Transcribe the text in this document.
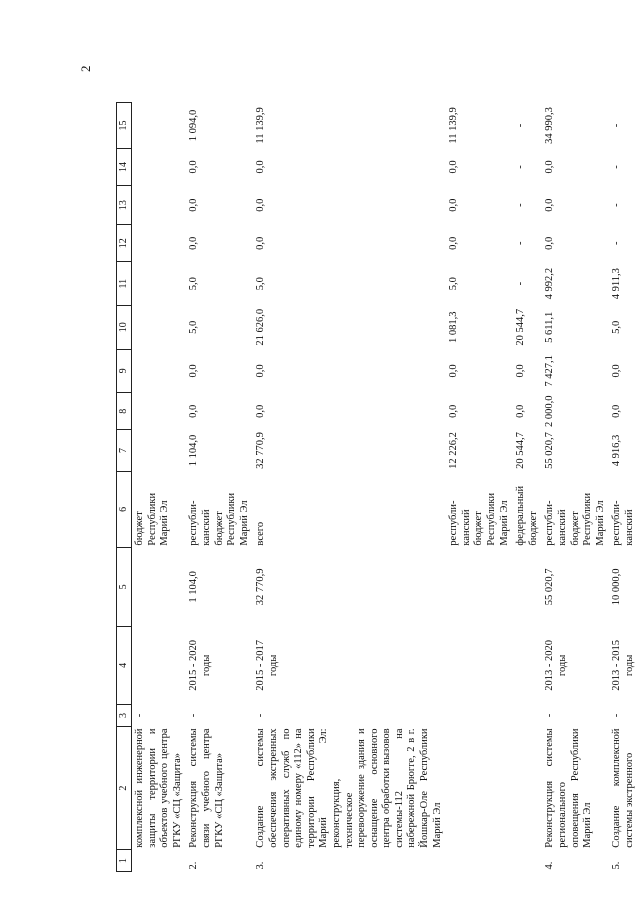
2
1	2	3	4	5	6	7	8	9	10	11	12	13	14	15
	комплексной инженерной защиты территории и объектов учебного центра РГКУ «СЦ «Защита»	-			бюджет Республики Марий Эл									
2.	Реконструкция системы связи учебного центра РГКУ «СЦ «Защита»	-	2015 - 2020 годы	1 104,0	республи-канский бюджет Республики Марий Эл	1 104,0	0,0	0,0	5,0	5,0	0,0	0,0	0,0	1 094,0
3.	Создание системы обеспечения экстренных оперативных служб по единому номеру «112» на территории Республики Марий Эл: реконструкция, техническое перевооружение здания и оснащение основного центра обработки вызовов системы-112 на набережной Брюгге, 2 в г. Йошкар-Оле Республики Марий Эл	-	2015 - 2017 годы	32 770,9	всего	32 770,9	0,0	0,0	21 626,0	5,0	0,0	0,0	0,0	11 139,9
					республи-канский бюджет Республики Марий Эл	12 226,2	0,0	0,0	1 081,3	5,0	0,0	0,0	0,0	11 139,9
					федеральный бюджет	20 544,7	0,0	0,0	20 544,7	-	-	-	-	-
4.	Реконструкция системы регионального оповещения Республики Марий Эл	-	2013 - 2020 годы	55 020,7	республи-канский бюджет Республики Марий Эл	55 020,7	2 000,0	7 427,1	5 611,1	4 992,2	0,0	0,0	0,0	34 990,3
5.	Создание комплексной системы экстренного	-	2013 - 2015 годы	10 000,0	республи-канский	4 916,3	0,0	0,0	5,0	4 911,3	-	-	-	-
